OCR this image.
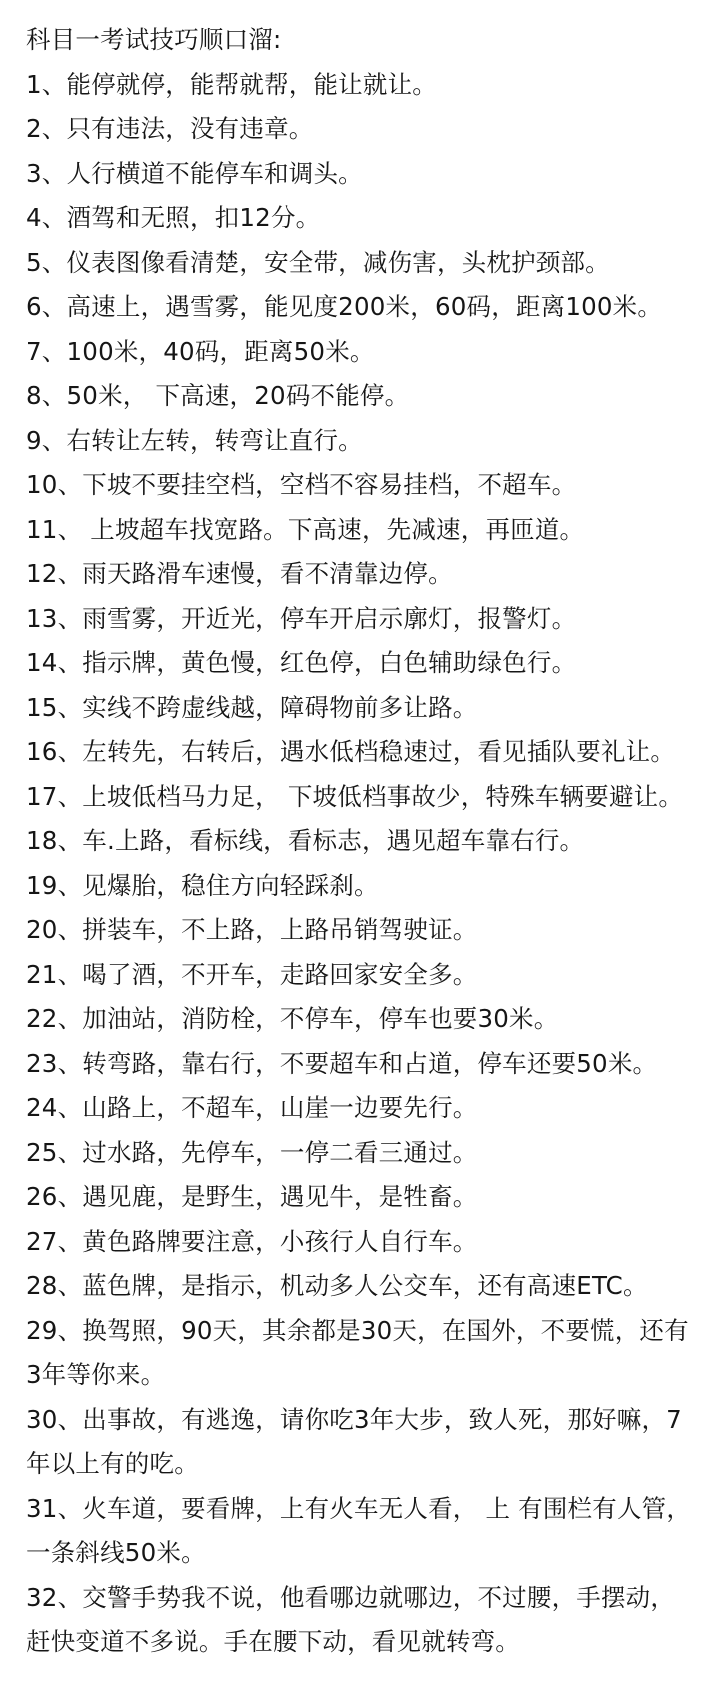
科目一考试技巧顺口溜:

1、能停就停，能帮就帮，能让就让。

2、只有违法，没有违章。

3、人行横道不能停车和调头。

4、酒驾和无照，扣12分。

5、仪表图像看清楚，安全带，减伤害，头枕护颈部。

6、高速上，遇雪雾，能见度200米，60码，距离100米。

7、100米，40码，距离50米。

8、50米， 下高速，20码不能停。

9、右转让左转，转弯让直行。

10、下坡不要挂空档，空档不容易挂档，不超车。

11、 上坡超车找宽路。下高速，先减速，再匝道。

12、雨天路滑车速慢，看不清靠边停。

13、雨雪雾，开近光，停车开启示廓灯，报警灯。

14、指示牌，黄色慢，红色停，白色辅助绿色行。

15、实线不跨虚线越，障碍物前多让路。

16、左转先，右转后，遇水低档稳速过，看见插队要礼让。

17、上坡低档马力足， 下坡低档事故少，特殊车辆要避让。

18、车.上路，看标线，看标志，遇见超车靠右行。

19、见爆胎，稳住方向轻踩刹。

20、拼装车，不上路，上路吊销驾驶证。

21、喝了酒，不开车，走路回家安全多。

22、加油站，消防栓，不停车，停车也要30米。

23、转弯路，靠右行，不要超车和占道，停车还要50米。

24、山路上，不超车，山崖一边要先行。

25、过水路，先停车，一停二看三通过。

26、遇见鹿，是野生，遇见牛，是牲畜。

27、黄色路牌要注意，小孩行人自行车。

28、蓝色牌，是指示，机动多人公交车，还有高速ETC。

29、换驾照，90天，其余都是30天，在国外，不要慌，还有3年等你来。

30、出事故，有逃逸，请你吃3年大步，致人死，那好嘛，7年以上有的吃。

31、火车道，要看牌，上有火车无人看， 上 有围栏有人管，一条斜线50米。

32、交警手势我不说，他看哪边就哪边，不过腰，手摆动，赶快变道不多说。手在腰下动，看见就转弯。
